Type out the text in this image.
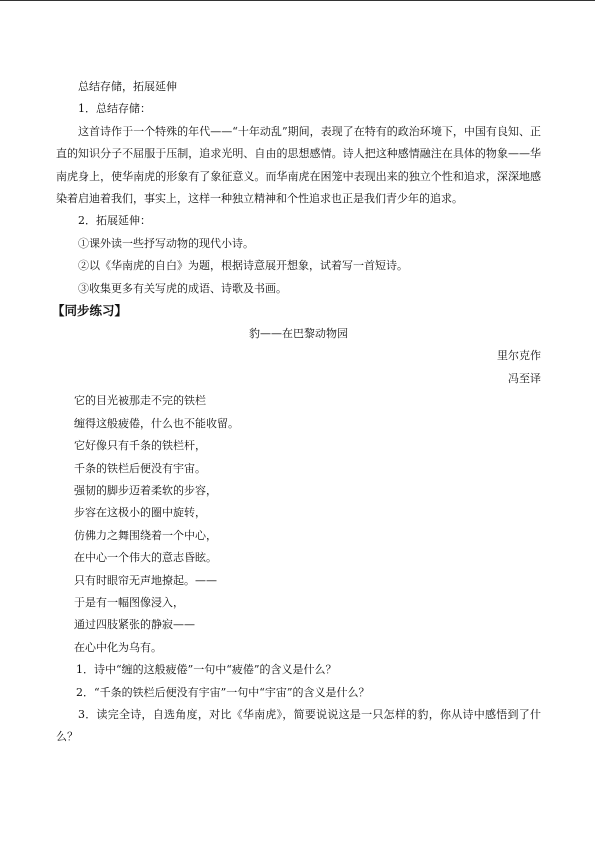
总结存储，拓展延伸
1．总结存储：
这首诗作于一个特殊的年代——“十年动乱”期间，表现了在特有的政治环境下，中国有良知、正直的知识分子不屈服于压制，追求光明、自由的思想感情。诗人把这种感情融注在具体的物象——华南虎身上，使华南虎的形象有了象征意义。而华南虎在困笼中表现出来的独立个性和追求，深深地感染着启迪着我们，事实上，这样一种独立精神和个性追求也正是我们青少年的追求。
2．拓展延伸：
①课外读一些抒写动物的现代小诗。
②以《华南虎的自白》为题，根据诗意展开想象，试着写一首短诗。
③收集更多有关写虎的成语、诗歌及书画。
【同步练习】
豹——在巴黎动物园
里尔克作
冯至译
它的目光被那走不完的铁栏
缠得这般疲倦，什么也不能收留。
它好像只有千条的铁栏杆，
千条的铁栏后便没有宇宙。
强韧的脚步迈着柔软的步容，
步容在这极小的圈中旋转，
仿佛力之舞围绕着一个中心，
在中心一个伟大的意志昏眩。
只有时眼帘无声地撩起。——
于是有一幅图像浸入，
通过四肢紧张的静寂——
在心中化为乌有。
1．诗中“缠的这般疲倦”一句中“疲倦”的含义是什么？
2．“千条的铁栏后便没有宇宙”一句中“宇宙”的含义是什么？
3．读完全诗，自选角度，对比《华南虎》，简要说说这是一只怎样的豹，你从诗中感悟到了什么？
